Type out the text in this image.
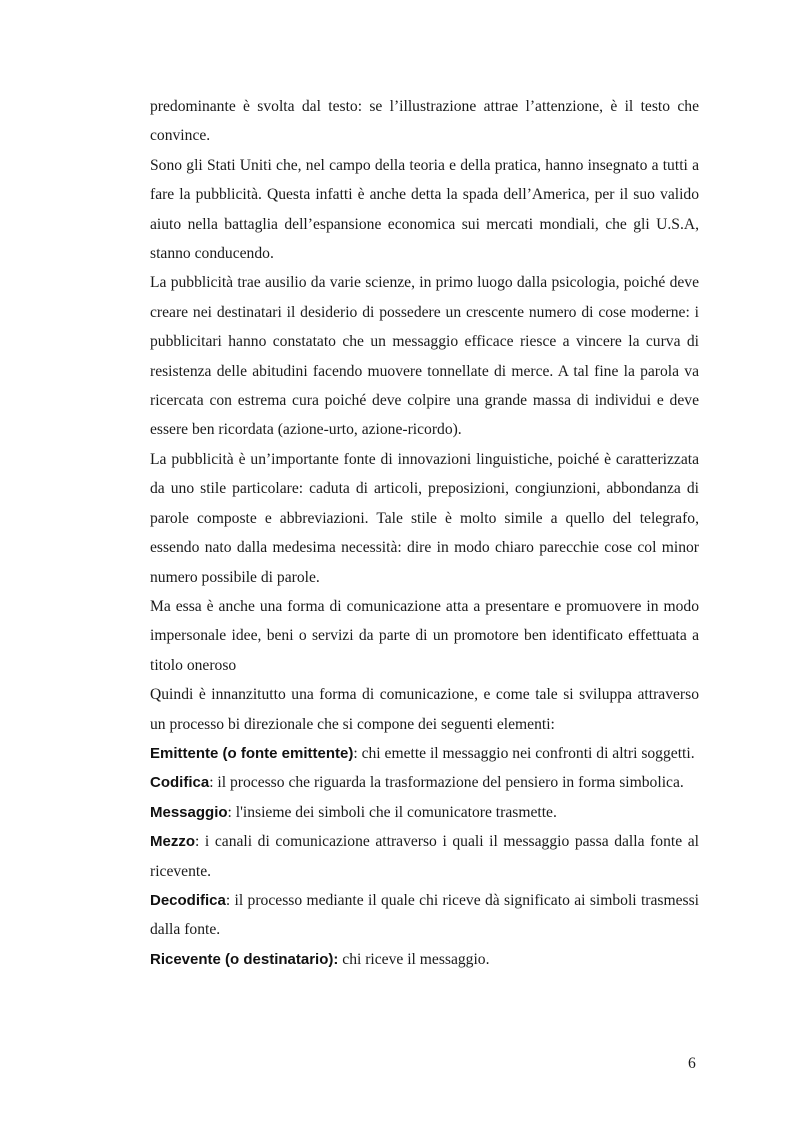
predominante è svolta dal testo: se l’illustrazione attrae l’attenzione, è il testo che convince.

Sono gli Stati Uniti che, nel campo della teoria e della pratica, hanno insegnato a tutti a fare la pubblicità. Questa infatti è anche detta la spada dell’America, per il suo valido aiuto nella battaglia dell’espansione economica sui mercati mondiali, che gli U.S.A, stanno conducendo.

La pubblicità trae ausilio da varie scienze, in primo luogo dalla psicologia, poiché deve creare nei destinatari il desiderio di possedere un crescente numero di cose moderne: i pubblicitari hanno constatato che un messaggio efficace riesce a vincere la curva di resistenza delle abitudini facendo muovere tonnellate di merce. A tal fine la parola va ricercata con estrema cura poiché deve colpire una grande massa di individui e deve essere ben ricordata (azione-urto, azione-ricordo).

La pubblicità è un’importante fonte di innovazioni linguistiche, poiché è caratterizzata da uno stile particolare: caduta di articoli, preposizioni, congiunzioni, abbondanza di parole composte e abbreviazioni. Tale stile è molto simile a quello del telegrafo, essendo nato dalla medesima necessità: dire in modo chiaro parecchie cose col minor numero possibile di parole.

Ma essa è anche una forma di comunicazione atta a presentare e promuovere in modo impersonale idee, beni o servizi da parte di un promotore ben identificato effettuata a titolo oneroso

Quindi è innanzitutto una forma di comunicazione, e come tale si sviluppa attraverso un processo bi direzionale che si compone dei seguenti elementi:

Emittente (o fonte emittente): chi emette il messaggio nei confronti di altri soggetti.

Codifica: il processo che riguarda la trasformazione del pensiero in forma simbolica.

Messaggio: l'insieme dei simboli che il comunicatore trasmette.

Mezzo: i canali di comunicazione attraverso i quali il messaggio passa dalla fonte al ricevente.

Decodifica: il processo mediante il quale chi riceve dà significato ai simboli trasmessi dalla fonte.

Ricevente (o destinatario): chi riceve il messaggio.

6
